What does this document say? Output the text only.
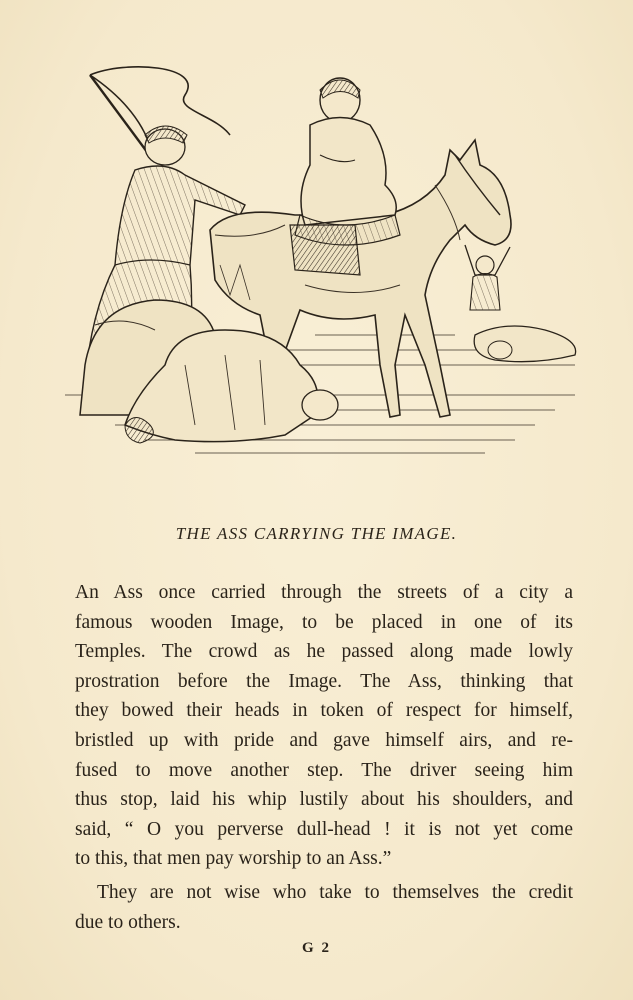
THE ASS CARRYING THE IMAGE.

An Ass once carried through the streets of a city a
famous wooden Image, to be placed in one of its
Temples. The crowd as he passed along made lowly
prostration before the Image. The Ass, thinking that
they bowed their heads in token of respect for himself,
bristled up with pride and gave himself airs, and re-
fused to move another step. The driver seeing him
thus stop, laid his whip lustily about his shoulders, and
said, “ O you perverse dull-head ! it is not yet come
to this, that men pay worship to an Ass.”

They are not wise who take to themselves the credit
due to others.

G 2
